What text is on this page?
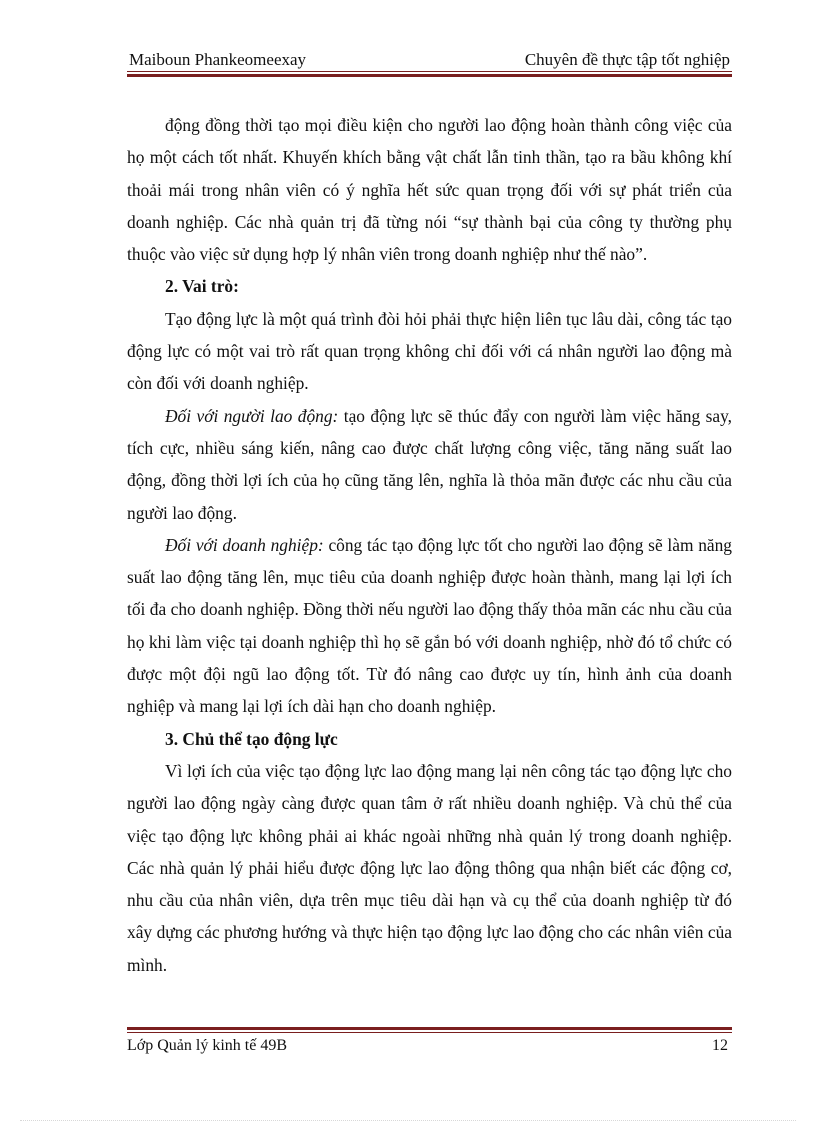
Maiboun Phankeomeexay	Chuyên đề thực tập tốt nghiệp

động đồng thời tạo mọi điều kiện cho người lao động hoàn thành công việc của họ một cách tốt nhất. Khuyến khích bằng vật chất lẫn tinh thần, tạo ra bầu không khí thoải mái trong nhân viên có ý nghĩa hết sức quan trọng đối với sự phát triển của doanh nghiệp. Các nhà quản trị đã từng nói “sự thành bại của công ty thường phụ thuộc vào việc sử dụng hợp lý nhân viên trong doanh nghiệp như thế nào”.

2. Vai trò:

Tạo động lực là một quá trình đòi hỏi phải thực hiện liên tục lâu dài, công tác tạo động lực có một vai trò rất quan trọng không chỉ đối với cá nhân người lao động mà còn đối với doanh nghiệp.

Đối với người lao động: tạo động lực sẽ thúc đẩy con người làm việc hăng say, tích cực, nhiều sáng kiến, nâng cao được chất lượng công việc, tăng năng suất lao động, đồng thời lợi ích của họ cũng tăng lên, nghĩa là thỏa mãn được các nhu cầu của người lao động.

Đối với doanh nghiệp: công tác tạo động lực tốt cho người lao động sẽ làm năng suất lao động tăng lên, mục tiêu của doanh nghiệp được hoàn thành, mang lại lợi ích tối đa cho doanh nghiệp. Đồng thời nếu người lao động thấy thỏa mãn các nhu cầu của họ khi làm việc tại doanh nghiệp thì họ sẽ gắn bó với doanh nghiệp, nhờ đó tổ chức có được một đội ngũ lao động tốt. Từ đó nâng cao được uy tín, hình ảnh của doanh nghiệp và mang lại lợi ích dài hạn cho doanh nghiệp.

3. Chủ thể tạo động lực

Vì lợi ích của việc tạo động lực lao động mang lại nên công tác tạo động lực cho người lao động ngày càng được quan tâm ở rất nhiều doanh nghiệp. Và chủ thể của việc tạo động lực không phải ai khác ngoài những nhà quản lý trong doanh nghiệp. Các nhà quản lý phải hiểu được động lực lao động thông qua nhận biết các động cơ, nhu cầu của nhân viên, dựa trên mục tiêu dài hạn và cụ thể của doanh nghiệp từ đó xây dựng các phương hướng và thực hiện tạo động lực lao động cho các nhân viên của mình.

Lớp Quản lý kinh tế 49B	12
